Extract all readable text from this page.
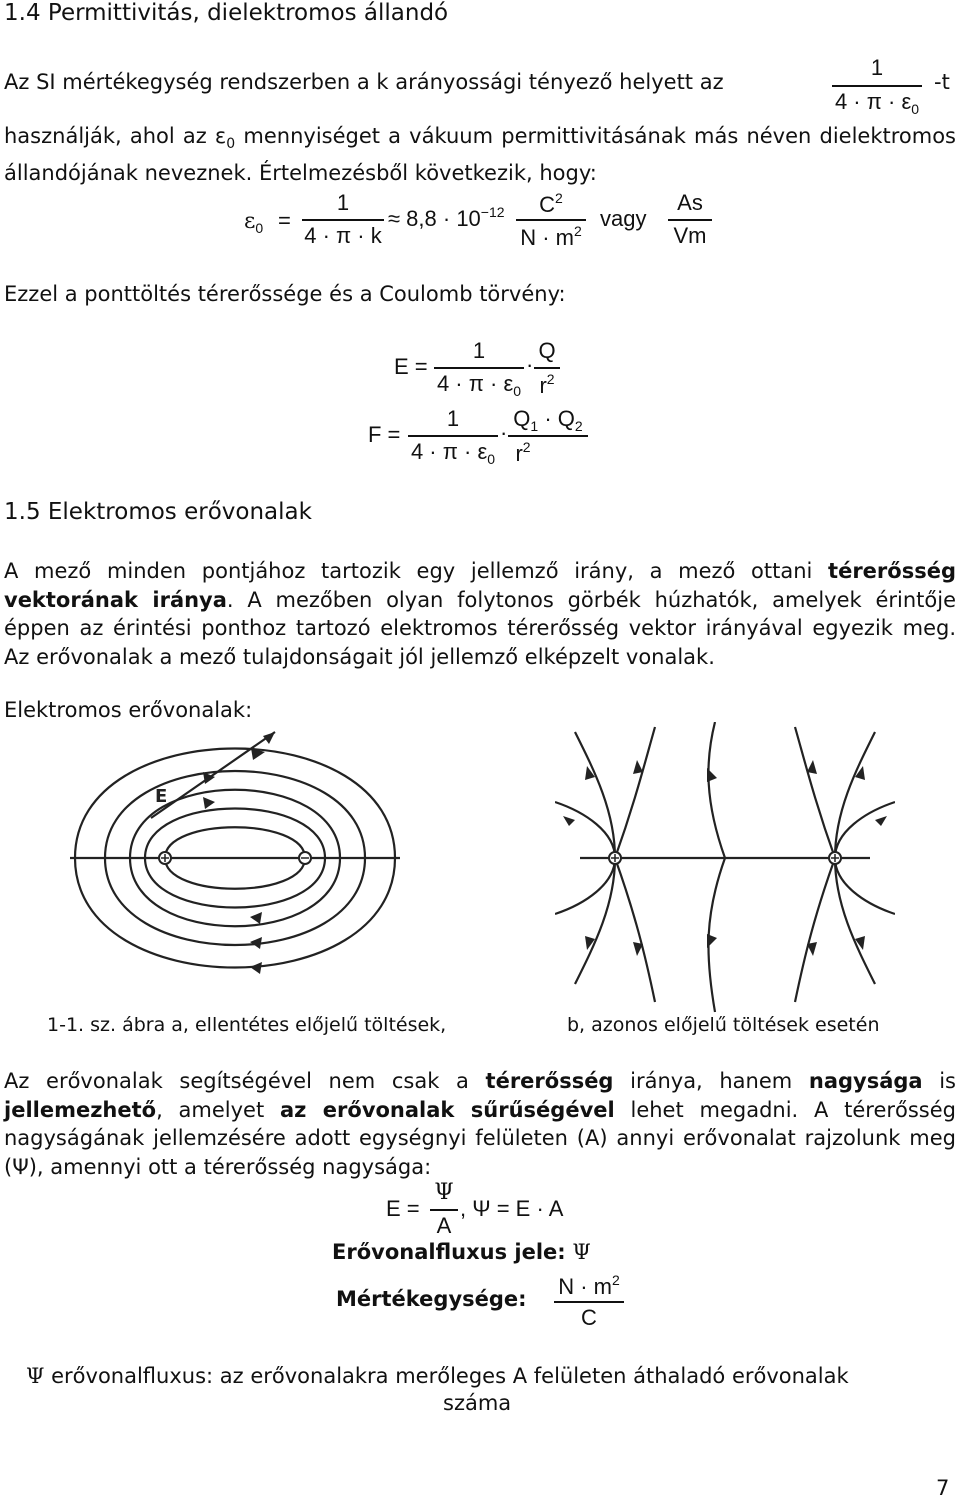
1.4 Permittivitás, dielektromos állandó
Az SI mértékegység rendszerben a k arányossági tényező helyett az
1
$4 \cdot \pi \cdot \varepsilon_0$
-t
használják, ahol az $\varepsilon_0$ mennyiséget a vákuum permittivitásának más néven dielektromos állandójának neveznek. Értelmezésből következik, hogy:
$\varepsilon_0$ =
1
4 · π · k
≈ $8,8 \cdot 10^{-12}$	$C^2$
$N \cdot m^2$ vagy
As
Vm
Ezzel a ponttöltés térerőssége és a Coulomb törvény:
E =
1
$4 \cdot \pi \cdot \varepsilon_0$
·
Q
$r^2$
F =
1
$4 \cdot \pi \cdot \varepsilon_0$
·
$Q_1 \cdot Q_2$
$r^2$
1.5 Elektromos erővonalak
A mező minden pontjához tartozik egy jellemző irány, a mező ottani térerősség vektorának iránya. A mezőben olyan folytonos görbék húzhatók, amelyek érintője éppen az érintési ponthoz tartozó elektromos térerősség vektor irányával egyezik meg. Az erővonalak a mező tulajdonságait jól jellemző elképzelt vonalak.
Elektromos erővonalak:
E
1-1. sz. ábra a, ellentétes előjelű töltések,	b, azonos előjelű töltések esetén
Az erővonalak segítségével nem csak a térerősség iránya, hanem nagysága is jellemezhető, amelyet az erővonalak sűrűségével lehet megadni. A térerősség nagyságának jellemzésére adott egységnyi felületen (A) annyi erővonalat rajzolunk meg (Ψ), amennyi ott a térerősség nagysága:
E =
Ψ
A
, Ψ = E · A
Erővonalfluxus jele: Ψ
Mértékegysége: $N \cdot m^2$
C
Ψ erővonalfluxus: az erővonalakra merőleges A felületen áthaladó erővonalak
száma
7
